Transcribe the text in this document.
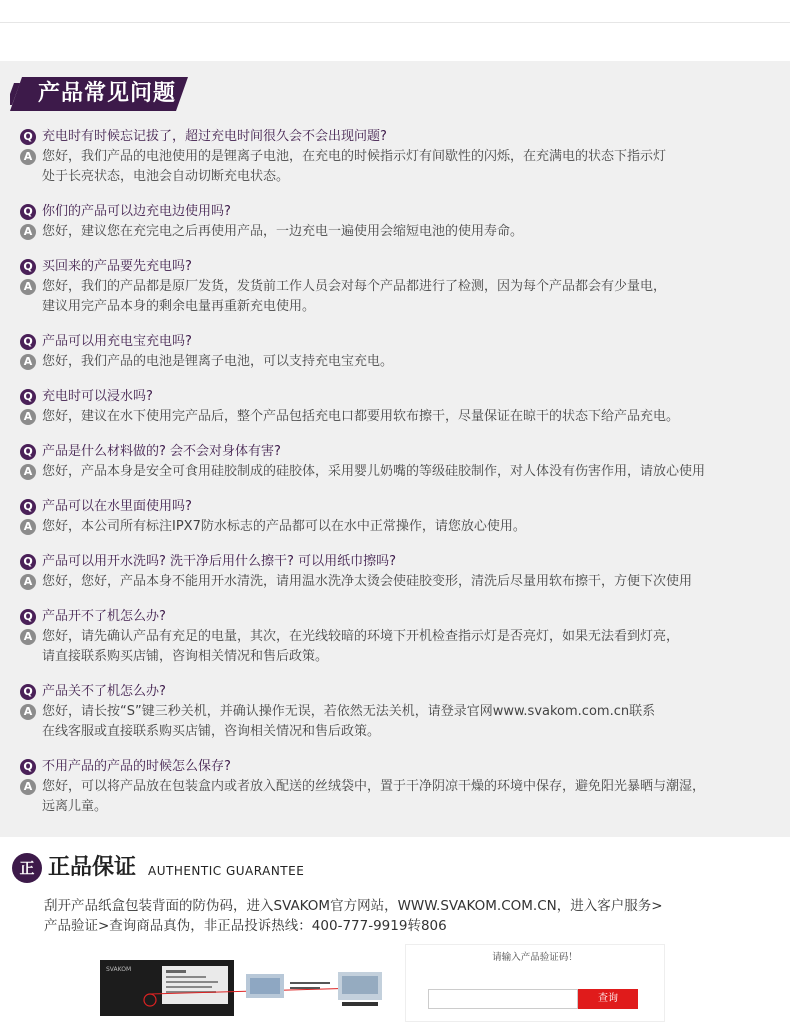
产品常见问题
Q 充电时有时候忘记拔了，超过充电时间很久会不会出现问题?
A 您好，我们产品的电池使用的是锂离子电池，在充电的时候指示灯有间歇性的闪烁，在充满电的状态下指示灯
处于长亮状态，电池会自动切断充电状态。
Q 你们的产品可以边充电边使用吗?
A 您好，建议您在充完电之后再使用产品，一边充电一遍使用会缩短电池的使用寿命。
Q 买回来的产品要先充电吗?
A 您好，我们的产品都是原厂发货，发货前工作人员会对每个产品都进行了检测，因为每个产品都会有少量电，
建议用完产品本身的剩余电量再重新充电使用。
Q 产品可以用充电宝充电吗?
A 您好，我们产品的电池是锂离子电池，可以支持充电宝充电。
Q 充电时可以浸水吗?
A 您好，建议在水下使用完产品后，整个产品包括充电口都要用软布擦干，尽量保证在晾干的状态下给产品充电。
Q 产品是什么材料做的? 会不会对身体有害?
A 您好，产品本身是安全可食用硅胶制成的硅胶体，采用婴儿奶嘴的等级硅胶制作，对人体没有伤害作用，请放心使用
Q 产品可以在水里面使用吗?
A 您好，本公司所有标注IPX7防水标志的产品都可以在水中正常操作，请您放心使用。
Q 产品可以用开水洗吗? 洗干净后用什么擦干? 可以用纸巾擦吗?
A 您好，您好，产品本身不能用开水清洗，请用温水洗净太烫会使硅胶变形，清洗后尽量用软布擦干，方便下次使用
Q 产品开不了机怎么办?
A 您好，请先确认产品有充足的电量，其次，在光线较暗的环境下开机检查指示灯是否亮灯，如果无法看到灯亮，
请直接联系购买店铺，咨询相关情况和售后政策。
Q 产品关不了机怎么办?
A 您好，请长按“S”键三秒关机，并确认操作无误，若依然无法关机，请登录官网www.svakom.com.cn联系
在线客服或直接联系购买店铺，咨询相关情况和售后政策。
Q 不用产品的产品的时候怎么保存?
A 您好，可以将产品放在包装盒内或者放入配送的丝绒袋中，置于干净阴凉干燥的环境中保存，避免阳光暴晒与潮湿，
远离儿童。
正 正品保证 AUTHENTIC GUARANTEE
刮开产品纸盒包装背面的防伪码，进入SVAKOM官方网站，WWW.SVAKOM.COM.CN，进入客户服务>
产品验证>查询商品真伪，非正品投诉热线：400-777-9919转806
SVAKOM
请输入产品验证码！
查询
